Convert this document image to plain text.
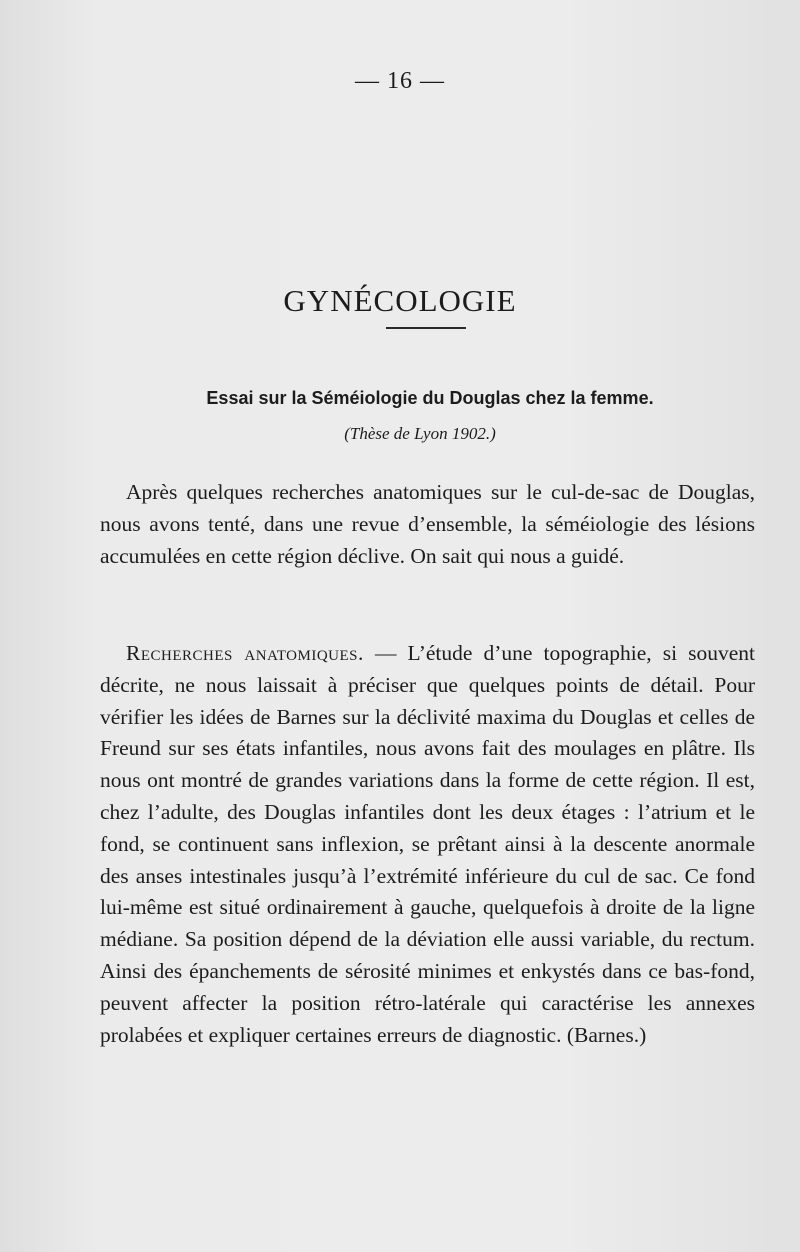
— 16 —
GYNÉCOLOGIE
Essai sur la Séméiologie du Douglas chez la femme.
(Thèse de Lyon 1902.)

Après quelques recherches anatomiques sur le cul-de-sac de Douglas, nous avons tenté, dans une revue d’ensemble, la séméiologie des lésions accumulées en cette région déclive. On sait qui nous a guidé.

Recherches anatomiques. — L’étude d’une topographie, si souvent décrite, ne nous laissait à préciser que quelques points de détail. Pour vérifier les idées de Barnes sur la déclivité maxima du Douglas et celles de Freund sur ses états infantiles, nous avons fait des moulages en plâtre. Ils nous ont montré de grandes variations dans la forme de cette région. Il est, chez l’adulte, des Douglas infantiles dont les deux étages : l’atrium et le fond, se continuent sans inflexion, se prêtant ainsi à la descente anormale des anses intestinales jusqu’à l’extrémité inférieure du cul de sac. Ce fond lui-même est situé ordinairement à gauche, quelquefois à droite de la ligne médiane. Sa position dépend de la déviation elle aussi variable, du rectum. Ainsi des épanchements de sérosité minimes et enkystés dans ce bas-fond, peuvent affecter la position rétro-latérale qui caractérise les annexes prolabées et expliquer certaines erreurs de diagnostic. (Barnes.)
